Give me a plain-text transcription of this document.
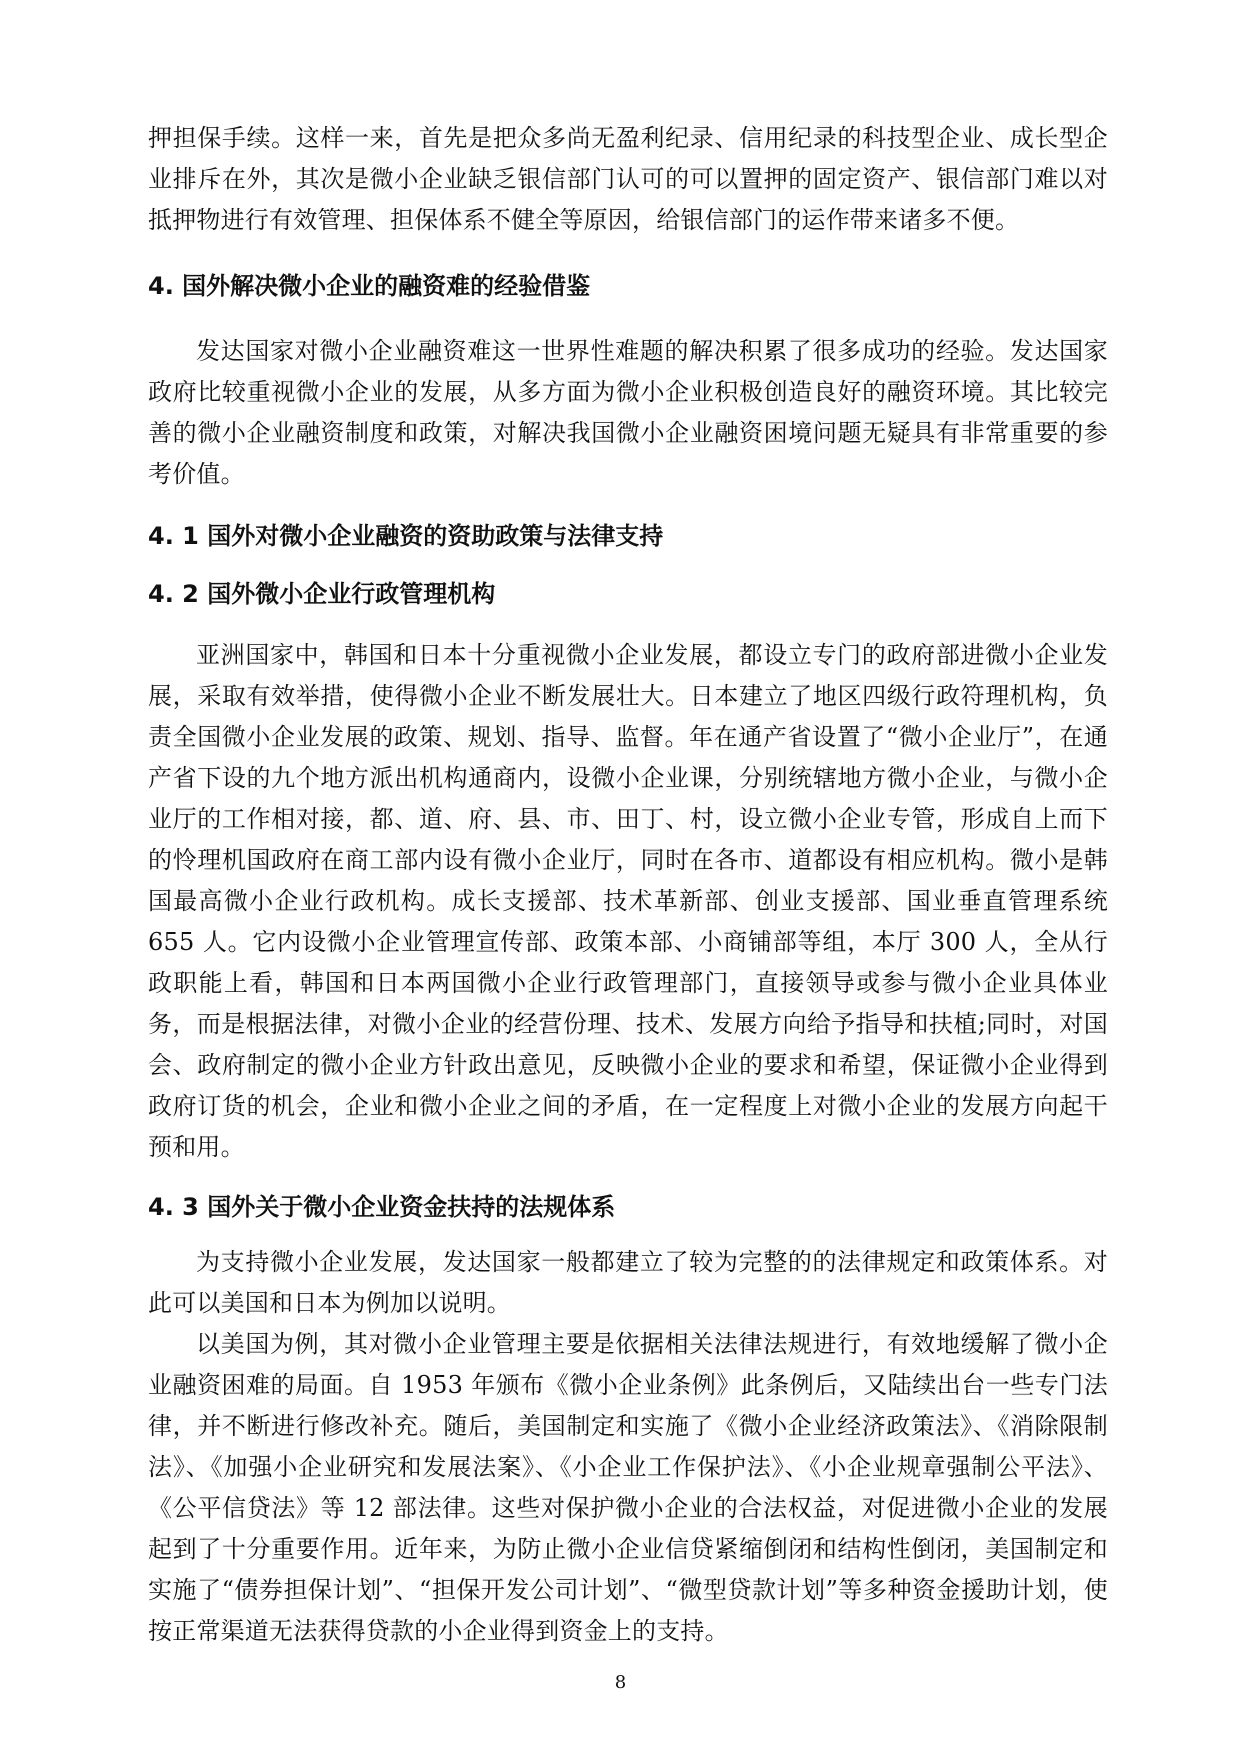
押担保手续。这样一来，首先是把众多尚无盈利纪录、信用纪录的科技型企业、成长型企业排斥在外，其次是微小企业缺乏银信部门认可的可以置押的固定资产、银信部门难以对抵押物进行有效管理、担保体系不健全等原因，给银信部门的运作带来诸多不便。

4. 国外解决微小企业的融资难的经验借鉴

发达国家对微小企业融资难这一世界性难题的解决积累了很多成功的经验。发达国家政府比较重视微小企业的发展，从多方面为微小企业积极创造良好的融资环境。其比较完善的微小企业融资制度和政策，对解决我国微小企业融资困境问题无疑具有非常重要的参考价值。

4. 1 国外对微小企业融资的资助政策与法律支持
4. 2 国外微小企业行政管理机构

亚洲国家中，韩国和日本十分重视微小企业发展，都设立专门的政府部进微小企业发展，采取有效举措，使得微小企业不断发展壮大。日本建立了地区四级行政符理机构，负责全国微小企业发展的政策、规划、指导、监督。年在通产省设置了“微小企业厅”，在通产省下设的九个地方派出机构通商内，设微小企业课，分别统辖地方微小企业，与微小企业厅的工作相对接，都、道、府、县、市、田丁、村，设立微小企业专管，形成自上而下的怜理机国政府在商工部内设有微小企业厅，同时在各市、道都设有相应机构。微小是韩国最高微小企业行政机构。成长支援部、技术革新部、创业支援部、国业垂直管理系统 655 人。它内设微小企业管理宣传部、政策本部、小商铺部等组，本厅 300 人，全从行政职能上看，韩国和日本两国微小企业行政管理部门，直接领导或参与微小企业具体业务，而是根据法律，对微小企业的经营份理、技术、发展方向给予指导和扶植;同时，对国会、政府制定的微小企业方针政出意见，反映微小企业的要求和希望，保证微小企业得到政府订货的机会，企业和微小企业之间的矛盾，在一定程度上对微小企业的发展方向起干预和用。

4. 3 国外关于微小企业资金扶持的法规体系

为支持微小企业发展，发达国家一般都建立了较为完整的的法律规定和政策体系。对此可以美国和日本为例加以说明。

以美国为例，其对微小企业管理主要是依据相关法律法规进行，有效地缓解了微小企业融资困难的局面。自 1953 年颁布《微小企业条例》此条例后，又陆续出台一些专门法律，并不断进行修改补充。随后，美国制定和实施了《微小企业经济政策法》、《消除限制法》、《加强小企业研究和发展法案》、《小企业工作保护法》、《小企业规章强制公平法》、《公平信贷法》等 12 部法律。这些对保护微小企业的合法权益，对促进微小企业的发展起到了十分重要作用。近年来，为防止微小企业信贷紧缩倒闭和结构性倒闭，美国制定和实施了“债券担保计划”、“担保开发公司计划”、“微型贷款计划”等多种资金援助计划，使按正常渠道无法获得贷款的小企业得到资金上的支持。

8
